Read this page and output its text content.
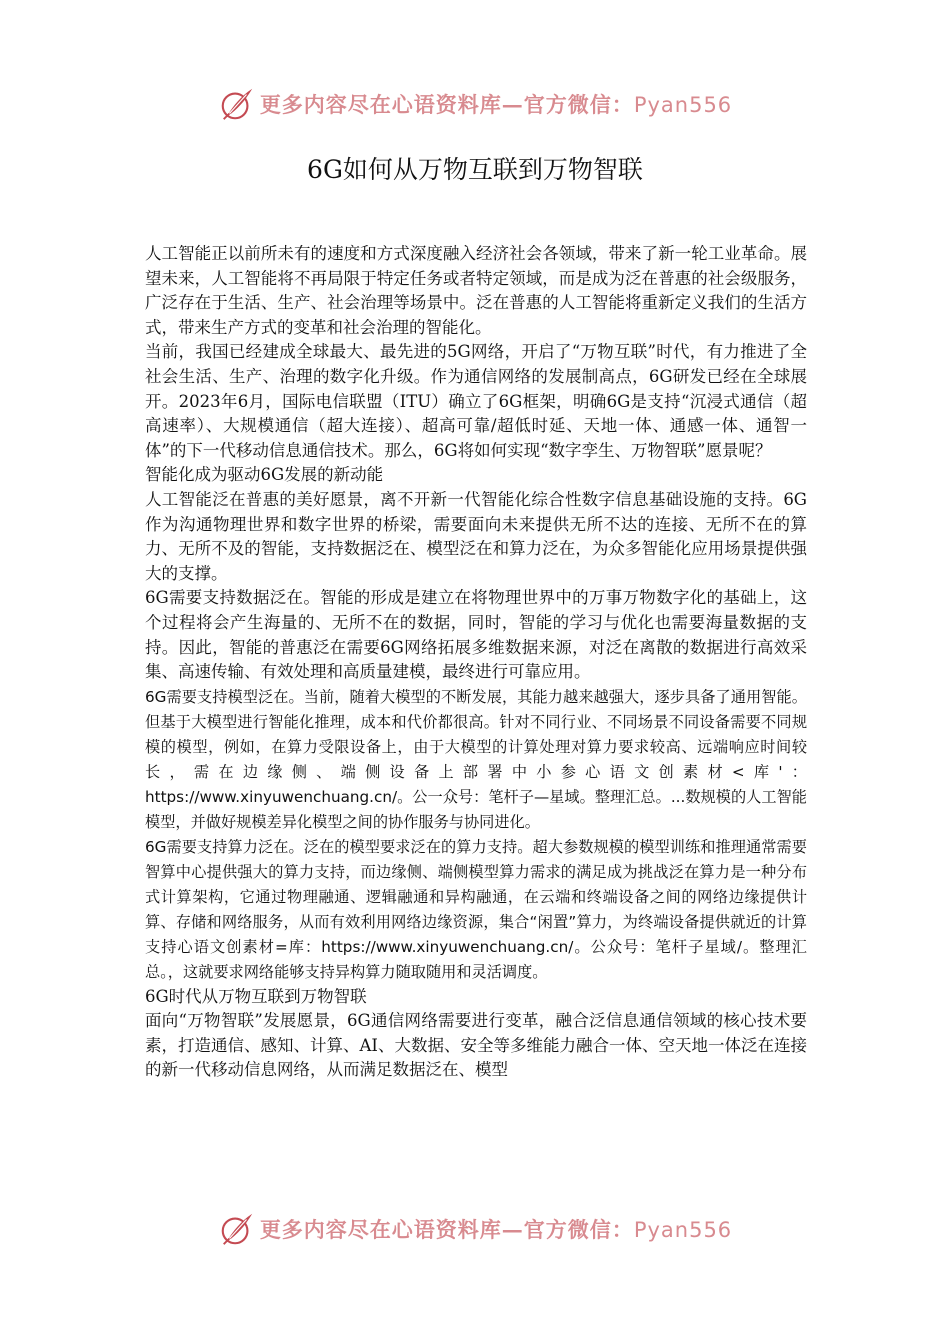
更多内容尽在心语资料库—官方微信：Pyan556
6G如何从万物互联到万物智联

人工智能正以前所未有的速度和方式深度融入经济社会各领域，带来了新一轮工业革命。展望未来，人工智能将不再局限于特定任务或者特定领域，而是成为泛在普惠的社会级服务，广泛存在于生活、生产、社会治理等场景中。泛在普惠的人工智能将重新定义我们的生活方式，带来生产方式的变革和社会治理的智能化。

当前，我国已经建成全球最大、最先进的5G网络，开启了“万物互联”时代，有力推进了全社会生活、生产、治理的数字化升级。作为通信网络的发展制高点，6G研发已经在全球展开。2023年6月，国际电信联盟（ITU）确立了6G框架，明确6G是支持“沉浸式通信（超高速率）、大规模通信（超大连接）、超高可靠/超低时延、天地一体、通感一体、通智一体”的下一代移动信息通信技术。那么，6G将如何实现“数字孪生、万物智联”愿景呢？

智能化成为驱动6G发展的新动能

人工智能泛在普惠的美好愿景，离不开新一代智能化综合性数字信息基础设施的支持。6G作为沟通物理世界和数字世界的桥梁，需要面向未来提供无所不达的连接、无所不在的算力、无所不及的智能，支持数据泛在、模型泛在和算力泛在，为众多智能化应用场景提供强大的支撑。

6G需要支持数据泛在。智能的形成是建立在将物理世界中的万事万物数字化的基础上，这个过程将会产生海量的、无所不在的数据，同时，智能的学习与优化也需要海量数据的支持。因此，智能的普惠泛在需要6G网络拓展多维数据来源，对泛在离散的数据进行高效采集、高速传输、有效处理和高质量建模，最终进行可靠应用。

6G需要支持模型泛在。当前，随着大模型的不断发展，其能力越来越强大，逐步具备了通用智能。但基于大模型进行智能化推理，成本和代价都很高。针对不同行业、不同场景不同设备需要不同规模的模型，例如，在算力受限设备上，由于大模型的计算处理对算力要求较高、远端响应时间较长，需在边缘侧、端侧设备上部署中小参心语文创素材<库'：https://www.xinyuwenchuang.cn/。公一众号：笔杆子—星域。整理汇总。...数规模的人工智能模型，并做好规模差异化模型之间的协作服务与协同进化。

6G需要支持算力泛在。泛在的模型要求泛在的算力支持。超大参数规模的模型训练和推理通常需要智算中心提供强大的算力支持，而边缘侧、端侧模型算力需求的满足成为挑战泛在算力是一种分布式计算架构，它通过物理融通、逻辑融通和异构融通，在云端和终端设备之间的网络边缘提供计算、存储和网络服务，从而有效利用网络边缘资源，集合“闲置”算力，为终端设备提供就近的计算支持心语文创素材=库：https://www.xinyuwenchuang.cn/。公众号：笔杆子星域/。整理汇总。，这就要求网络能够支持异构算力随取随用和灵活调度。

6G时代从万物互联到万物智联

面向“万物智联”发展愿景，6G通信网络需要进行变革，融合泛信息通信领域的核心技术要素，打造通信、感知、计算、AI、大数据、安全等多维能力融合一体、空天地一体泛在连接的新一代移动信息网络，从而满足数据泛在、模型

更多内容尽在心语资料库—官方微信：Pyan556
